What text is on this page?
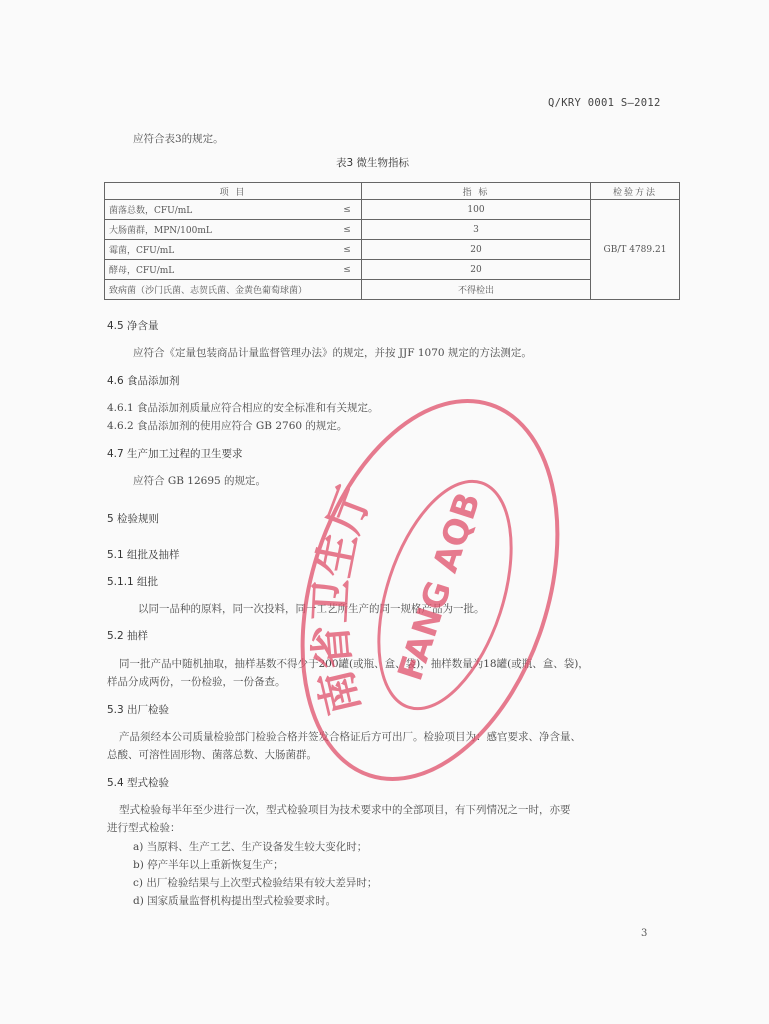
Q/KRY 0001 S—2012
应符合表3的规定。
表3 微生物指标
项 目		指 标	检验方法
菌落总数，CFU/mL	≤	100	GB/T 4789.21
大肠菌群，MPN/100mL	≤	3	
霉菌，CFU/mL	≤	20	
酵母，CFU/mL	≤	20	
致病菌（沙门氏菌、志贺氏菌、金黄色葡萄球菌）		不得检出	
4.5 净含量
应符合《定量包装商品计量监督管理办法》的规定，并按 JJF 1070 规定的方法测定。
4.6 食品添加剂
4.6.1 食品添加剂质量应符合相应的安全标准和有关规定。
4.6.2 食品添加剂的使用应符合 GB 2760 的规定。
4.7 生产加工过程的卫生要求
应符合 GB 12695 的规定。
5 检验规则
5.1 组批及抽样
5.1.1 组批
以同一品种的原料，同一次投料，同一工艺所生产的同一规格产品为一批。
5.2 抽样
同一批产品中随机抽取，抽样基数不得少于200罐(或瓶、盒、袋)，抽样数量为18罐(或瓶、盒、袋)，
样品分成两份，一份检验，一份备查。
5.3 出厂检验
产品须经本公司质量检验部门检验合格并签发合格证后方可出厂。检验项目为：感官要求、净含量、
总酸、可溶性固形物、菌落总数、大肠菌群。
5.4 型式检验
型式检验每半年至少进行一次，型式检验项目为技术要求中的全部项目，有下列情况之一时，亦要
进行型式检验：
a) 当原料、生产工艺、生产设备发生较大变化时；
b) 停产半年以上重新恢复生产；
c) 出厂检验结果与上次型式检验结果有较大差异时；
d) 国家质量监督机构提出型式检验要求时。
3
南省卫生厅 FANG AQB
